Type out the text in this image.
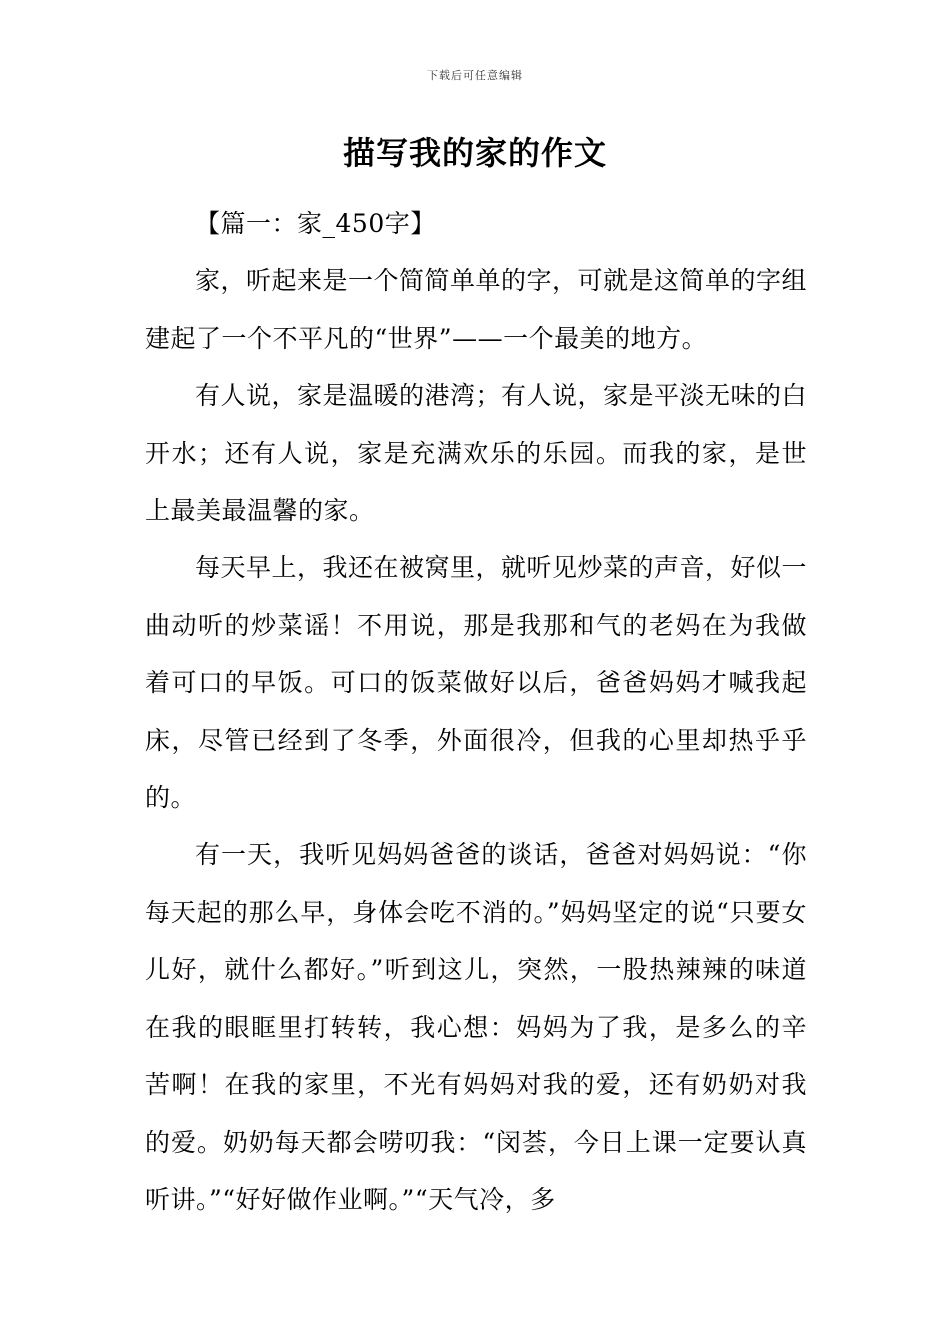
下载后可任意编辑
描写我的家的作文
【篇一：家_450字】

家，听起来是一个简简单单的字，可就是这简单的字组建起了一个不平凡的“世界”——一个最美的地方。

有人说，家是温暖的港湾；有人说，家是平淡无味的白开水；还有人说，家是充满欢乐的乐园。而我的家，是世上最美最温馨的家。

每天早上，我还在被窝里，就听见炒菜的声音，好似一曲动听的炒菜谣！不用说，那是我那和气的老妈在为我做着可口的早饭。可口的饭菜做好以后，爸爸妈妈才喊我起床，尽管已经到了冬季，外面很冷，但我的心里却热乎乎的。

有一天，我听见妈妈爸爸的谈话，爸爸对妈妈说：“你每天起的那么早，身体会吃不消的。”妈妈坚定的说“只要女儿好，就什么都好。”听到这儿，突然，一股热辣辣的味道在我的眼眶里打转转，我心想：妈妈为了我，是多么的辛苦啊！在我的家里，不光有妈妈对我的爱，还有奶奶对我的爱。奶奶每天都会唠叨我：“闵荟，今日上课一定要认真听讲。”“好好做作业啊。”“天气冷，多
